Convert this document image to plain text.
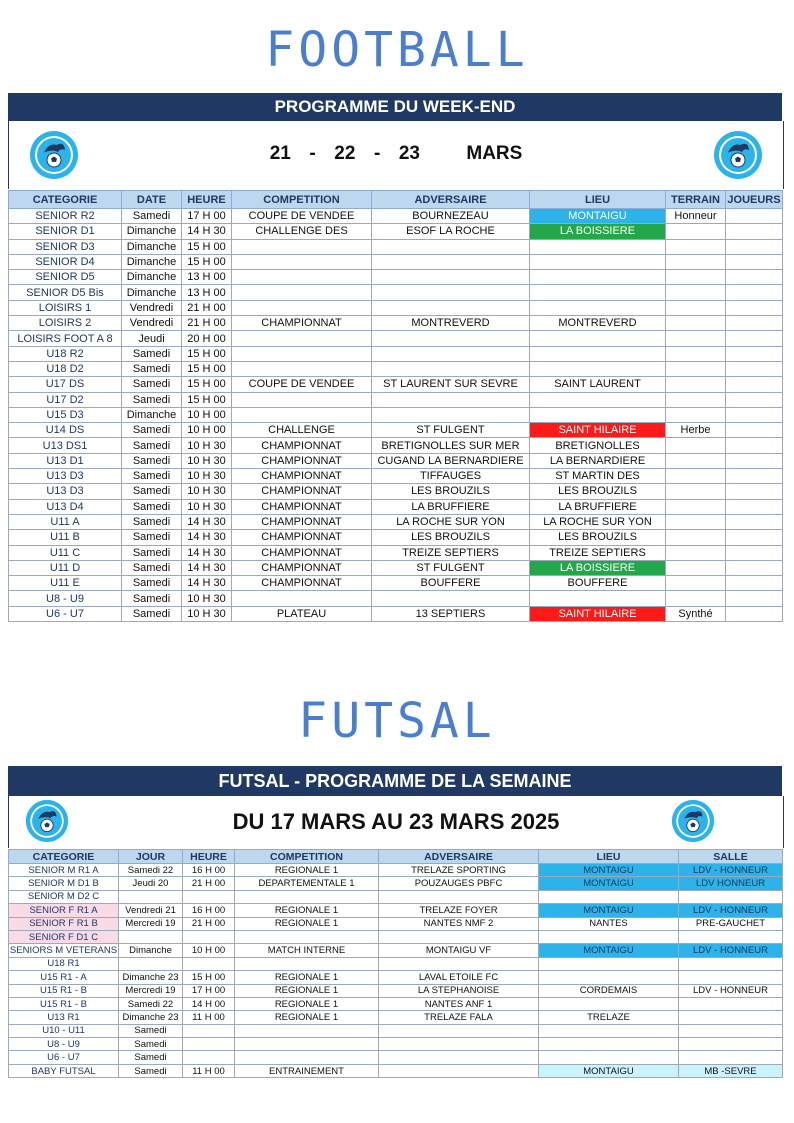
FOOTBALL
PROGRAMME DU WEEK-END
21  -  22  -  23     MARS
CATEGORIE	DATE	HEURE	COMPETITION	ADVERSAIRE	LIEU	TERRAIN	JOUEURS
SENIOR R2	Samedi	17 H 00	COUPE DE VENDEE	BOURNEZEAU	MONTAIGU	Honneur	
SENIOR D1	Dimanche	14 H 30	CHALLENGE DES	ESOF LA ROCHE	LA BOISSIERE		
SENIOR D3	Dimanche	15 H 00					
SENIOR D4	Dimanche	15 H 00					
SENIOR D5	Dimanche	13 H 00					
SENIOR D5 Bis	Dimanche	13 H 00					
LOISIRS 1	Vendredi	21 H 00					
LOISIRS 2	Vendredi	21 H 00	CHAMPIONNAT	MONTREVERD	MONTREVERD		
LOISIRS FOOT A 8	Jeudi	20 H 00					
U18 R2	Samedi	15 H 00					
U18 D2	Samedi	15 H 00					
U17 DS	Samedi	15 H 00	COUPE DE VENDEE	ST LAURENT SUR SEVRE	SAINT LAURENT		
U17 D2	Samedi	15 H 00					
U15 D3	Dimanche	10 H 00					
U14 DS	Samedi	10 H 00	CHALLENGE	ST FULGENT	SAINT HILAIRE	Herbe	
U13 DS1	Samedi	10 H 30	CHAMPIONNAT	BRETIGNOLLES SUR MER	BRETIGNOLLES		
U13 D1	Samedi	10 H 30	CHAMPIONNAT	CUGAND LA BERNARDIERE	LA BERNARDIERE		
U13 D3	Samedi	10 H 30	CHAMPIONNAT	TIFFAUGES	ST MARTIN DES		
U13 D3	Samedi	10 H 30	CHAMPIONNAT	LES BROUZILS	LES BROUZILS		
U13 D4	Samedi	10 H 30	CHAMPIONNAT	LA BRUFFIERE	LA BRUFFIERE		
U11 A	Samedi	14 H 30	CHAMPIONNAT	LA ROCHE SUR YON	LA ROCHE SUR YON		
U11 B	Samedi	14 H 30	CHAMPIONNAT	LES BROUZILS	LES BROUZILS		
U11 C	Samedi	14 H 30	CHAMPIONNAT	TREIZE SEPTIERS	TREIZE SEPTIERS		
U11 D	Samedi	14 H 30	CHAMPIONNAT	ST FULGENT	LA BOISSIERE		
U11 E	Samedi	14 H 30	CHAMPIONNAT	BOUFFERE	BOUFFERE		
U8 - U9	Samedi	10 H 30					
U6 - U7	Samedi	10 H 30	PLATEAU	13 SEPTIERS	SAINT HILAIRE	Synthé	
FUTSAL
FUTSAL - PROGRAMME DE LA SEMAINE
DU 17 MARS AU 23 MARS 2025
CATEGORIE	JOUR	HEURE	COMPETITION	ADVERSAIRE	LIEU	SALLE
SENIOR M R1 A	Samedi 22	16 H 00	REGIONALE 1	TRELAZE SPORTING	MONTAIGU	LDV - HONNEUR
SENIOR M D1 B	Jeudi 20	21 H 00	DEPARTEMENTALE 1	POUZAUGES PBFC	MONTAIGU	LDV HONNEUR
SENIOR M D2 C						
SENIOR F R1 A	Vendredi 21	16 H 00	REGIONALE 1	TRELAZE FOYER	MONTAIGU	LDV - HONNEUR
SENIOR F R1 B	Mercredi 19	21 H 00	REGIONALE 1	NANTES NMF 2	NANTES	PRE-GAUCHET
SENIOR F D1 C						
SENIORS M VETERANS	Dimanche	10 H 00	MATCH INTERNE	MONTAIGU VF	MONTAIGU	LDV - HONNEUR
U18 R1						
U15 R1 - A	Dimanche 23	15 H 00	REGIONALE 1	LAVAL ETOILE FC		
U15 R1 - B	Mercredi 19	17 H 00	REGIONALE 1	LA STEPHANOISE	CORDEMAIS	LDV - HONNEUR
U15 R1 - B	Samedi 22	14 H 00	REGIONALE 1	NANTES ANF 1		
U13 R1	Dimanche 23	11 H 00	REGIONALE 1	TRELAZE FALA	TRELAZE	
U10 - U11	Samedi					
U8 - U9	Samedi					
U6 - U7	Samedi					
BABY FUTSAL	Samedi	11 H 00	ENTRAINEMENT		MONTAIGU	MB -SEVRE
